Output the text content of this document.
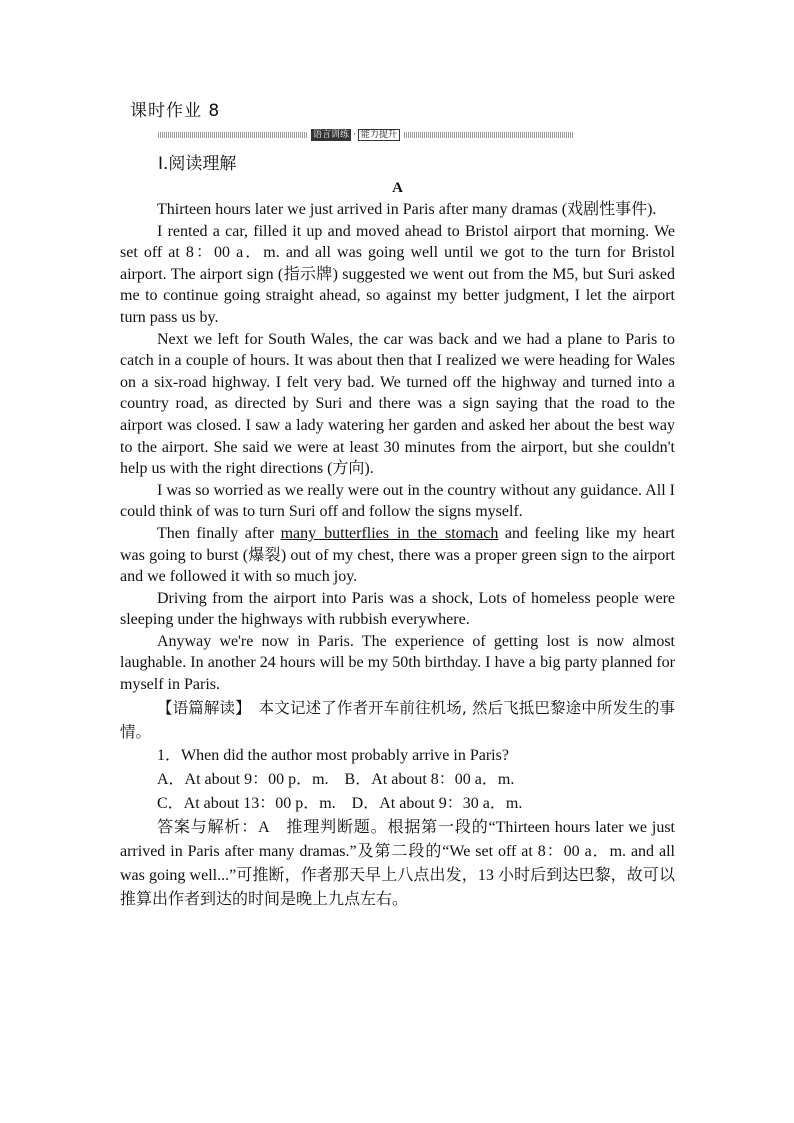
课时作业 8
语言训练 · 能力提升
Ⅰ.阅读理解
A

Thirteen hours later we just arrived in Paris after many dramas (戏剧性事件).

I rented a car, filled it up and moved ahead to Bristol airport that morning. We set off at 8：00 a．m. and all was going well until we got to the turn for Bristol airport. The airport sign (指示牌) suggested we went out from the M5, but Suri asked me to continue going straight ahead, so against my better judgment, I let the airport turn pass us by.

Next we left for South Wales, the car was back and we had a plane to Paris to catch in a couple of hours. It was about then that I realized we were heading for Wales on a six-road highway. I felt very bad. We turned off the highway and turned into a country road, as directed by Suri and there was a sign saying that the road to the airport was closed. I saw a lady watering her garden and asked her about the best way to the airport. She said we were at least 30 minutes from the airport, but she couldn't help us with the right directions (方向).

I was so worried as we really were out in the country without any guidance. All I could think of was to turn Suri off and follow the signs myself.

Then finally after many_butterflies_in_the_stomach and feeling like my heart was going to burst (爆裂) out of my chest, there was a proper green sign to the airport and we followed it with so much joy.

Driving from the airport into Paris was a shock, Lots of homeless people were sleeping under the highways with rubbish everywhere.

Anyway we're now in Paris. The experience of getting lost is now almost laughable. In another 24 hours will be my 50th birthday. I have a big party planned for myself in Paris.

【语篇解读】　本文记述了作者开车前往机场, 然后飞抵巴黎途中所发生的事情。

1．When did the author most probably arrive in Paris?

A．At about 9：00 p．m.　B．At about 8：00 a．m.

C．At about 13：00 p．m.　D．At about 9：30 a．m.

答案与解析：A　推理判断题。根据第一段的“Thirteen hours later we just arrived in Paris after many dramas.”及第二段的“We set off at 8：00 a．m. and all was going well...”可推断，作者那天早上八点出发，13 小时后到达巴黎，故可以推算出作者到达的时间是晚上九点左右。
